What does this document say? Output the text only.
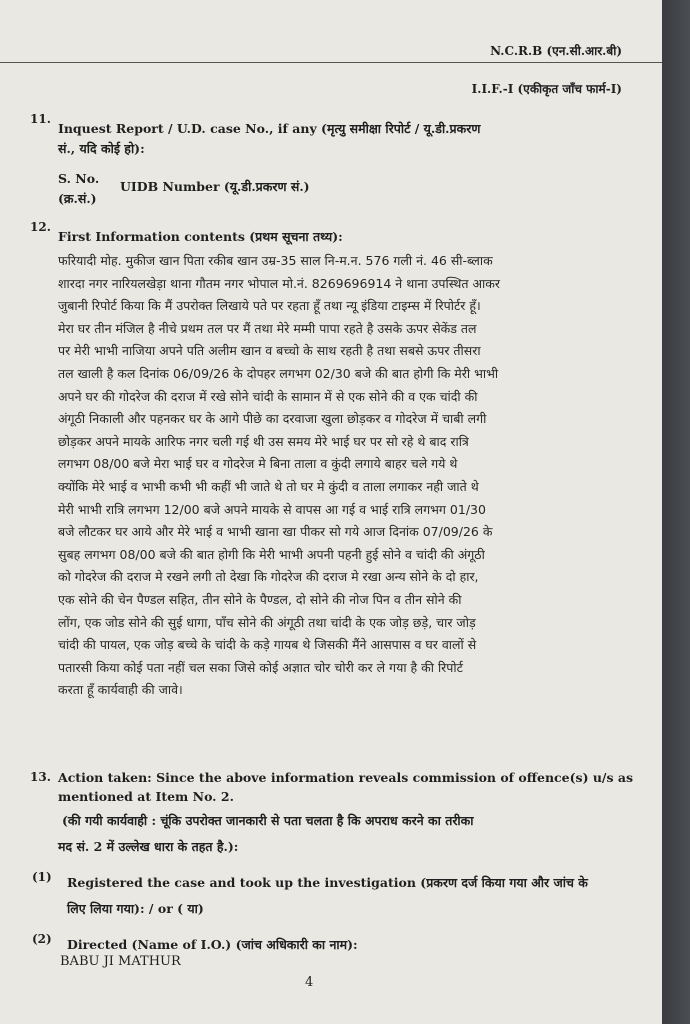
N.C.R.B (एन.सी.आर.बी)
I.I.F.-I (एकीकृत जाँच फार्म-I)
11.
Inquest Report / U.D. case No., if any (मृत्यु समीक्षा रिपोर्ट / यू.डी.प्रकरण
सं., यदि कोई हो):
S. No.
(क्र.सं.)
UIDB Number (यू.डी.प्रकरण सं.)
12.
First Information contents (प्रथम सूचना तथ्य):
फरियादी मोह. मुकीज खान पिता रकीब खान उम्र-35 साल नि-म.न. 576 गली नं. 46 सी-ब्लाक
शारदा नगर नारियलखेड़ा थाना गौतम नगर भोपाल मो.नं. 8269696914 ने थाना उपस्थित आकर
जुबानी रिपोर्ट किया कि मैं उपरोक्त लिखाये पते पर रहता हूँ तथा न्यू इंडिया टाइम्स में रिपोर्टर हूँ।
मेरा घर तीन मंजिल है नीचे प्रथम तल पर मैं तथा मेरे मम्मी पापा रहते है उसके ऊपर सेकेंड तल
पर मेरी भाभी नाजिया अपने पति अलीम खान व बच्चो के साथ रहती है तथा सबसे ऊपर तीसरा
तल खाली है कल दिनांक 06/09/26 के दोपहर लगभग 02/30 बजे की बात होगी कि मेरी भाभी
अपने घर की गोदरेज की दराज में रखे सोने चांदी के सामान में से एक सोने की व एक चांदी की
अंगूठी निकाली और पहनकर घर के आगे पीछे का दरवाजा खुला छोड़कर व गोदरेज में चाबी लगी
छोड़कर अपने मायके आरिफ नगर चली गई थी उस समय मेरे भाई घर पर सो रहे थे बाद रात्रि
लगभग 08/00 बजे मेरा भाई घर व गोदरेज मे बिना ताला व कुंदी लगाये बाहर चले गये थे
क्योंकि मेरे भाई व भाभी कभी भी कहीं भी जाते थे तो घर मे कुंदी व ताला लगाकर नही जाते थे
मेरी भाभी रात्रि लगभग 12/00 बजे अपने मायके से वापस आ गई व भाई रात्रि लगभग 01/30
बजे लौटकर घर आये और मेरे भाई व भाभी खाना खा पीकर सो गये आज दिनांक 07/09/26 के
सुबह लगभग 08/00 बजे की बात होगी कि मेरी भाभी अपनी पहनी हुई सोने व चांदी की अंगूठी
को गोदरेज की दराज मे रखने लगी तो देखा कि गोदरेज की दराज मे रखा अन्य सोने के दो हार,
एक सोने की चेन पैण्डल सहित, तीन सोने के पैण्डल, दो सोने की नोज पिन व तीन सोने की
लोंग, एक जोड सोने की सुई धागा, पाँच सोने की अंगूठी तथा चांदी के एक जोड़ छड़े, चार जोड़
चांदी की पायल, एक जोड़ बच्चे के चांदी के कड़े गायब थे जिसकी मैंने आसपास व घर वालों से
पतारसी किया कोई पता नहीं चल सका जिसे कोई अज्ञात चोर चोरी कर ले गया है की रिपोर्ट
करता हूँ कार्यवाही की जावे।
13. Action taken: Since the above information reveals commission of offence(s) u/s as
mentioned at Item No. 2.
(की गयी कार्यवाही : चूंकि उपरोक्त जानकारी से पता चलता है कि अपराध करने का तरीका
मद सं. 2 में उल्लेख धारा के तहत है.):
(1) Registered the case and took up the investigation (प्रकरण दर्ज किया गया और जांच के
लिए लिया गया): / or ( या)
(2) Directed (Name of I.O.) (जांच अधिकारी का नाम):
BABU JI MATHUR
4
